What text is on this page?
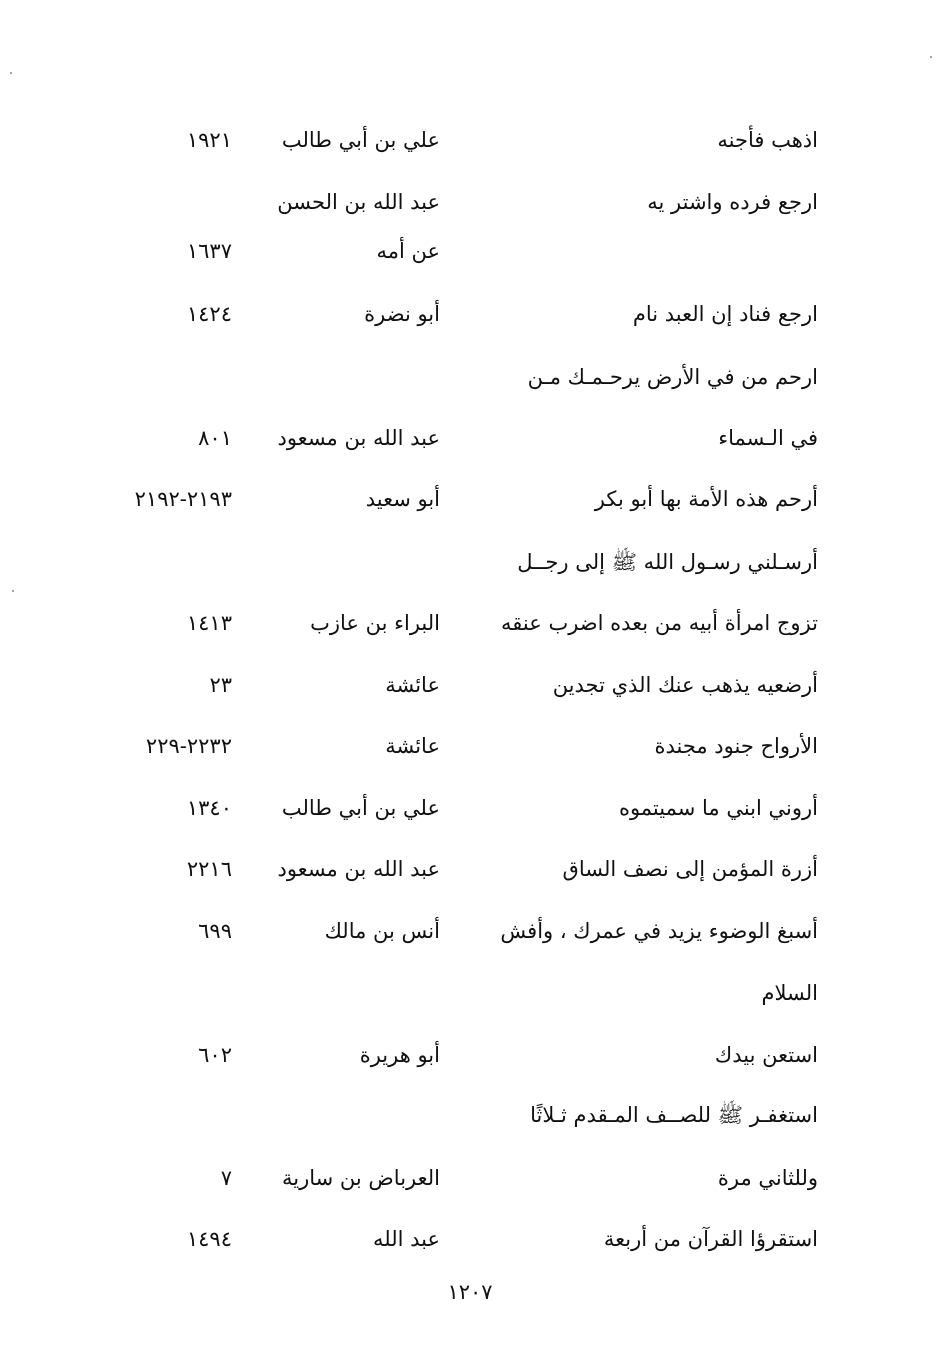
اذهب فأجنه
علي بن أبي طالب
١٩٢١
ارجع فرده واشتر يه
عبد الله بن الحسن
عن أمه
١٦٣٧
ارجع فناد إن العبد نام
أبو نضرة
١٤٢٤
ارحم من في الأرض يرحـمـك مـن
في الـسماء
عبد الله بن مسعود
٨٠١
أرحم هذه الأمة بها أبو بكر
أبو سعيد
٢١٩٣-٢١٩٢
أرسـلني رسـول الله ﷺ إلى رجــل
تزوج امرأة أبيه من بعده اضرب عنقه
البراء بن عازب
١٤١٣
أرضعيه يذهب عنك الذي تجدين
عائشة
٢٣
الأرواح جنود مجندة
عائشة
٢٢٣٢-٢٢٩
أروني ابني ما سميتموه
علي بن أبي طالب
١٣٤٠
أزرة المؤمن إلى نصف الساق
عبد الله بن مسعود
٢٢١٦
أسبغ الوضوء يزيد في عمرك ، وأفش
أنس بن مالك
٦٩٩
السلام
استعن بيدك
أبو هريرة
٦٠٢
استغفـر ﷺ للصــف المـقدم ثـلاثًا
وللثاني مرة
العرباض بن سارية
٧
استقرؤا القرآن من أربعة
عبد الله
١٤٩٤
١٢٠٧
